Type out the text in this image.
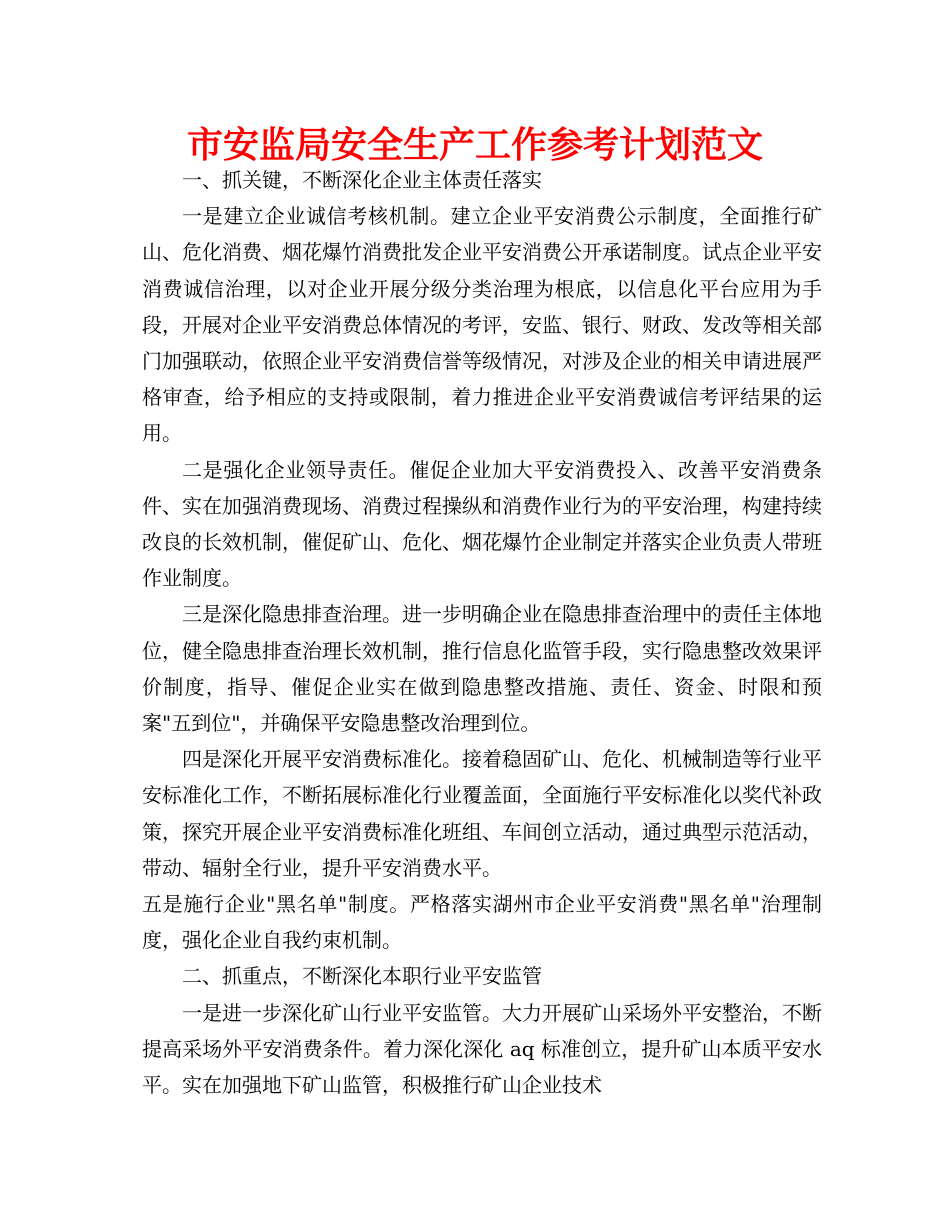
市安监局安全生产工作参考计划范文

一、抓关键，不断深化企业主体责任落实

一是建立企业诚信考核机制。建立企业平安消费公示制度，全面推行矿山、危化消费、烟花爆竹消费批发企业平安消费公开承诺制度。试点企业平安消费诚信治理，以对企业开展分级分类治理为根底，以信息化平台应用为手段，开展对企业平安消费总体情况的考评，安监、银行、财政、发改等相关部门加强联动，依照企业平安消费信誉等级情况，对涉及企业的相关申请进展严格审查，给予相应的支持或限制，着力推进企业平安消费诚信考评结果的运用。

二是强化企业领导责任。催促企业加大平安消费投入、改善平安消费条件、实在加强消费现场、消费过程操纵和消费作业行为的平安治理，构建持续改良的长效机制，催促矿山、危化、烟花爆竹企业制定并落实企业负责人带班作业制度。

三是深化隐患排查治理。进一步明确企业在隐患排查治理中的责任主体地位，健全隐患排查治理长效机制，推行信息化监管手段，实行隐患整改效果评价制度，指导、催促企业实在做到隐患整改措施、责任、资金、时限和预案"五到位"，并确保平安隐患整改治理到位。

四是深化开展平安消费标准化。接着稳固矿山、危化、机械制造等行业平安标准化工作，不断拓展标准化行业覆盖面，全面施行平安标准化以奖代补政策，探究开展企业平安消费标准化班组、车间创立活动，通过典型示范活动，带动、辐射全行业，提升平安消费水平。

五是施行企业"黑名单"制度。严格落实湖州市企业平安消费"黑名单"治理制度，强化企业自我约束机制。

二、抓重点，不断深化本职行业平安监管

一是进一步深化矿山行业平安监管。大力开展矿山采场外平安整治，不断提高采场外平安消费条件。着力深化深化 aq 标准创立，提升矿山本质平安水平。实在加强地下矿山监管，积极推行矿山企业技术
